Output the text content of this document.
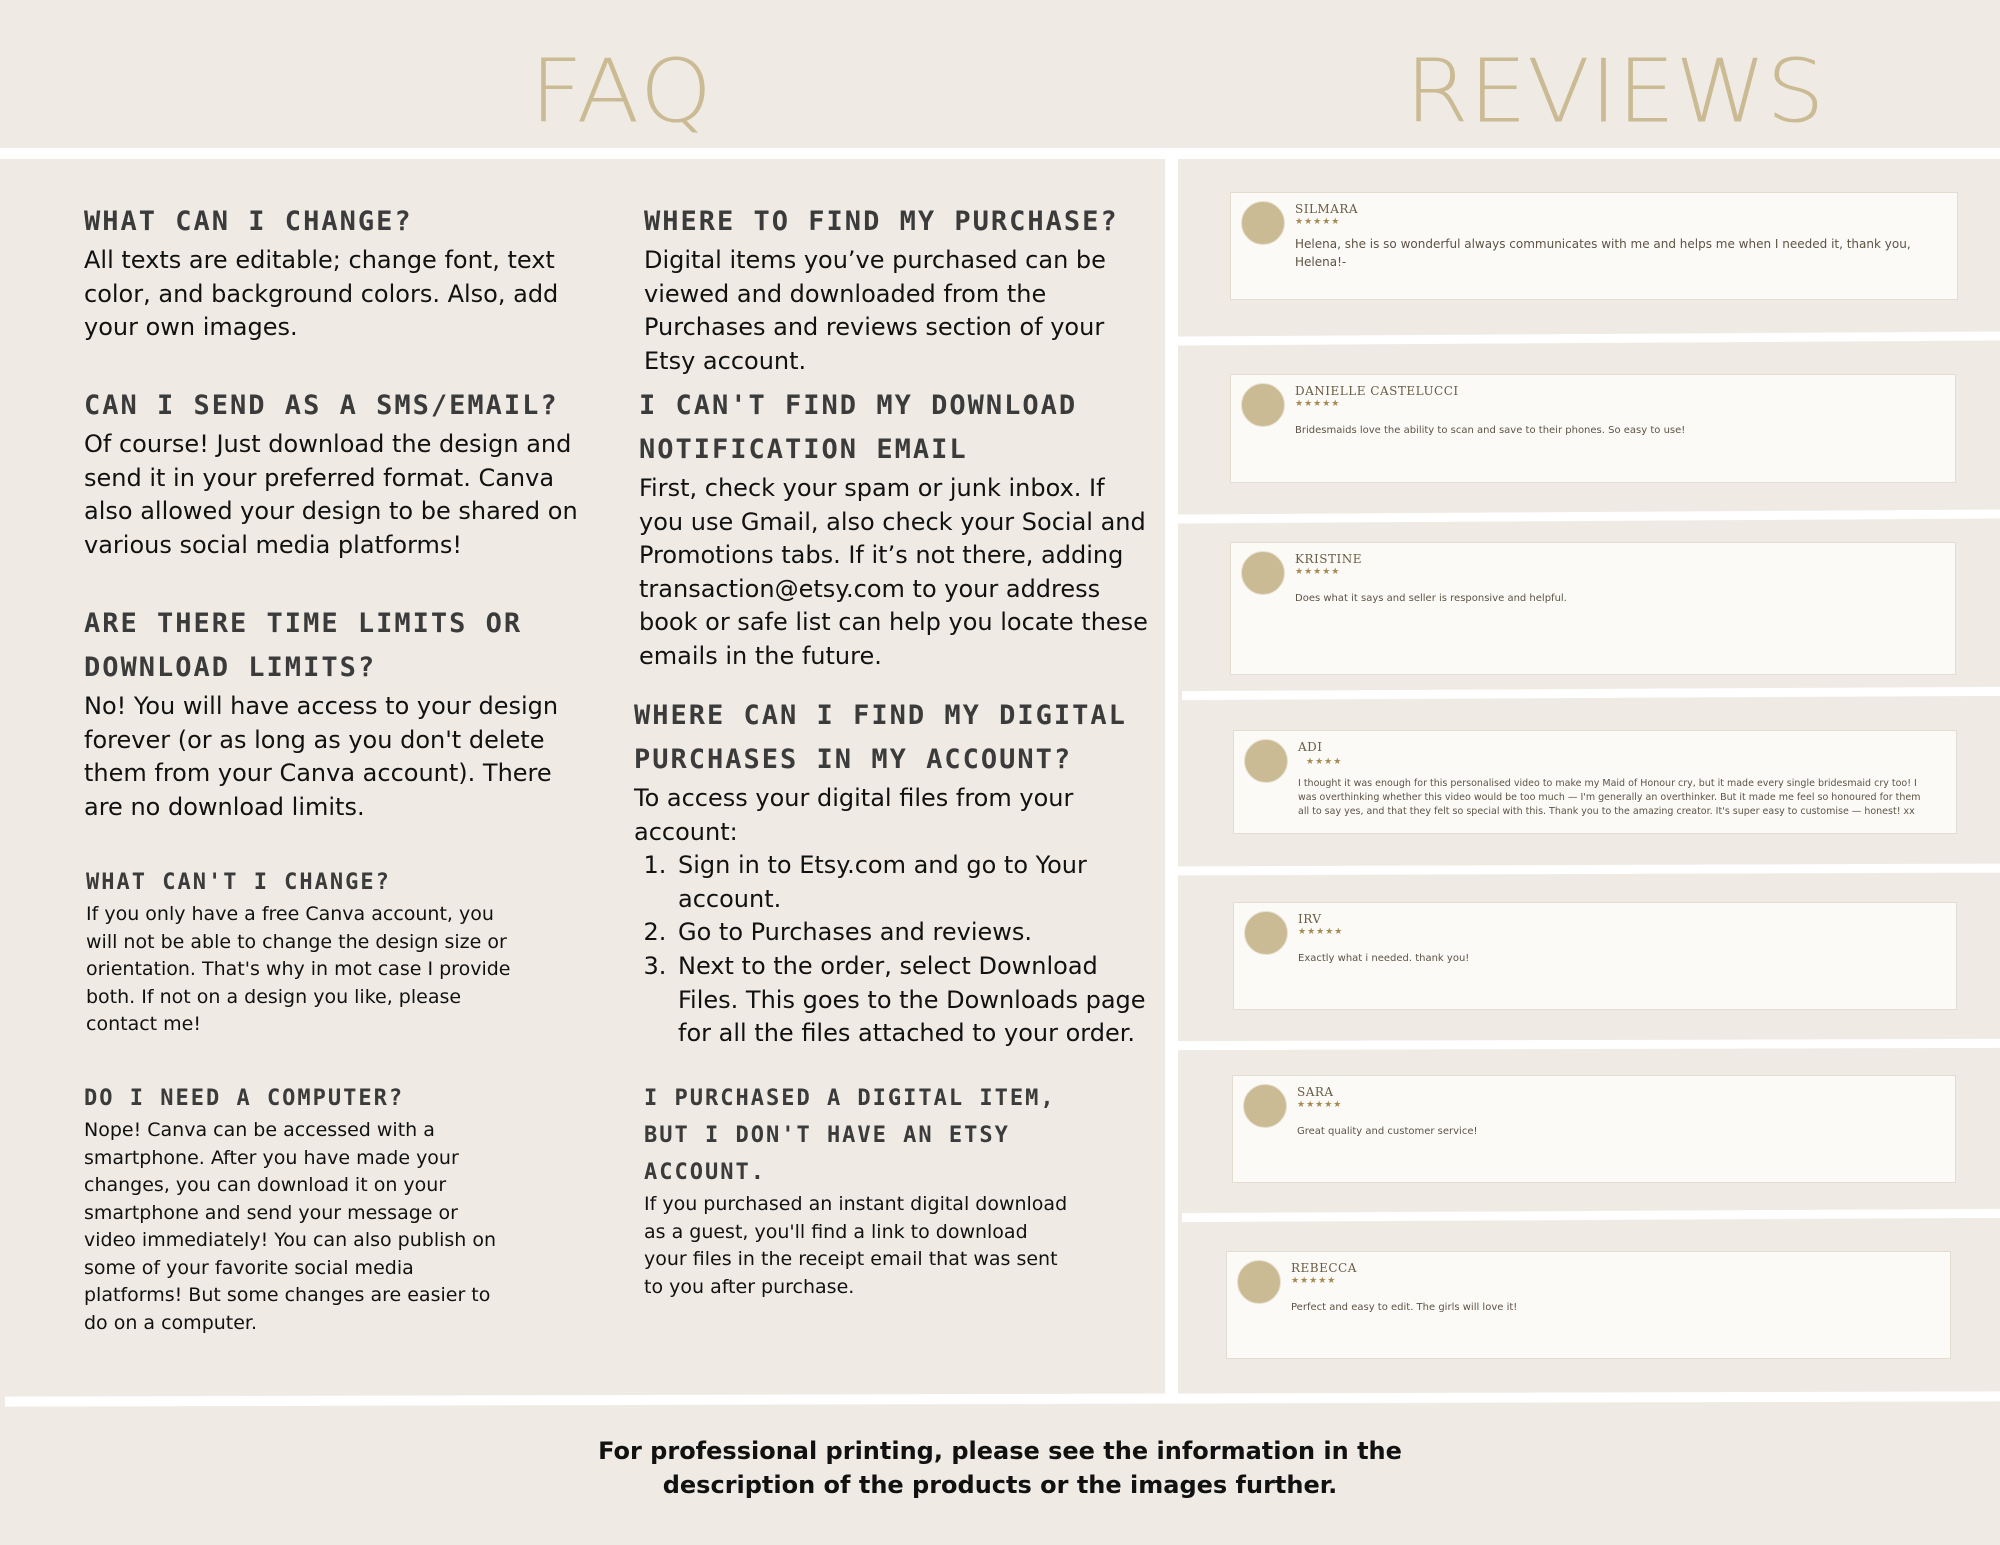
FAQ	REVIEWS
WHAT CAN I CHANGE?

All texts are editable; change font, text color, and background colors. Also, add your own images.

CAN I SEND AS A SMS/EMAIL?

Of course! Just download the design and send it in your preferred format. Canva also allowed your design to be shared on various social media platforms!

ARE THERE TIME LIMITS OR DOWNLOAD LIMITS?

No! You will have access to your design forever (or as long as you don't delete them from your Canva account). There are no download limits.

WHAT CAN'T I CHANGE?

If you only have a free Canva account, you will not be able to change the design size or orientation. That's why in mot case I provide both. If not on a design you like, please contact me!

DO I NEED A COMPUTER?

Nope! Canva can be accessed with a smartphone. After you have made your changes, you can download it on your smartphone and send your message or video immediately! You can also publish on some of your favorite social media platforms! But some changes are easier to do on a computer.

WHERE TO FIND MY PURCHASE?

Digital items you’ve purchased can be viewed and downloaded from the Purchases and reviews section of your Etsy account.

I CAN'T FIND MY DOWNLOAD NOTIFICATION EMAIL

First, check your spam or junk inbox. If you use Gmail, also check your Social and Promotions tabs. If it’s not there, adding transaction@etsy.com to your address book or safe list can help you locate these emails in the future.

WHERE CAN I FIND MY DIGITAL PURCHASES IN MY ACCOUNT?

To access your digital files from your account:

1. Sign in to Etsy.com and go to Your account.
2. Go to Purchases and reviews.
3. Next to the order, select Download Files. This goes to the Downloads page for all the files attached to your order.
I PURCHASED A DIGITAL ITEM, BUT I DON'T HAVE AN ETSY ACCOUNT.

If you purchased an instant digital download as a guest, you'll find a link to download your files in the receipt email that was sent to you after purchase.

SILMARA
★★★★★

Helena, she is so wonderful always communicates with me and helps me when I needed it, thank you, Helena!-

DANIELLE CASTELUCCI
★★★★★

Bridesmaids love the ability to scan and save to their phones. So easy to use!

KRISTINE
★★★★★

Does what it says and seller is responsive and helpful.

ADI
★★★★

I thought it was enough for this personalised video to make my Maid of Honour cry, but it made every single bridesmaid cry too! I was overthinking whether this video would be too much — I'm generally an overthinker. But it made me feel so honoured for them all to say yes, and that they felt so special with this. Thank you to the amazing creator. It's super easy to customise — honest! xx

IRV
★★★★★

Exactly what i needed. thank you!

SARA
★★★★★

Great quality and customer service!

REBECCA
★★★★★

Perfect and easy to edit. The girls will love it!

For professional printing, please see the information in the
description of the products or the images further.
